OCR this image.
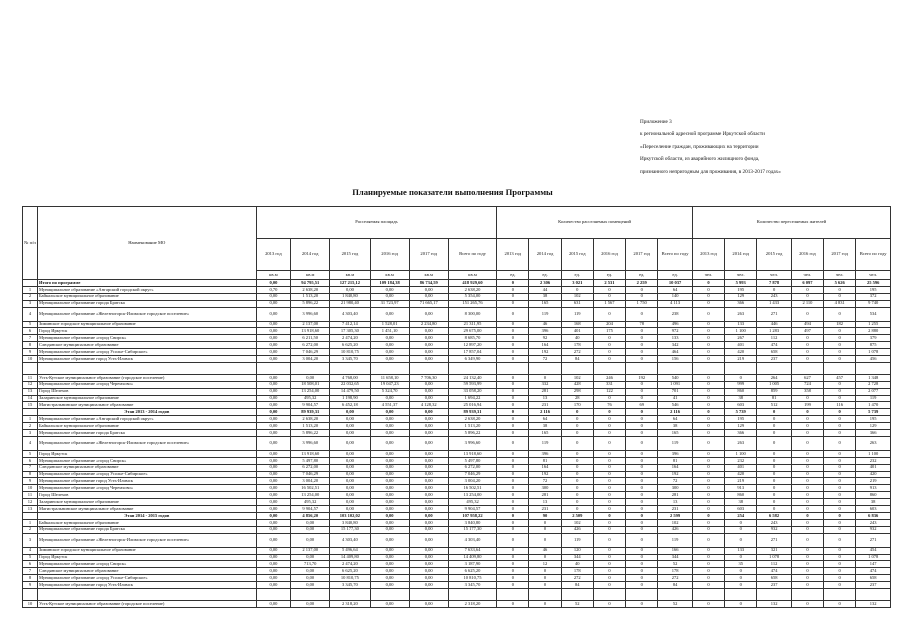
Приложение 3
к региональной адресной программе Иркутской области
«Переселение граждан, проживающих на территории
Иркутской области, из аварийного жилищного фонда,
признанного непригодным для проживания, в 2013-2017 годах»
Планируемые показатели выполнения Программы
№ п/п	Наименование МО	Расселяемая площадь						Количество расселяемых помещений						Количество переселяемых жителей					
		2013 год	2014 год	2015 год	2016 год	2017 год	Всего по году	2013 год	2014 год	2015 год	2016 год	2017 год	Всего по году	2013 год	2014 год	2015 год	2016 год	2017 год	Всего по году
		кв.м	кв.м	кв.м	кв.м	кв.м	кв.м	ед.	ед.	ед.	ед.	ед.	ед.	чел.	чел.	чел.	чел.	чел.	чел.
	Итого по программе	0,00	94 795,51	127 215,12	109 184,38	86 734,59	418 929,60	0	2 306	3 021	2 531	2 259	10 037	0	5 993	7 878	6 097	5 626	25 596
1	Муниципальное образование «Ангарский городской округ»	0,70	2 638,20	0,00	0,00	0,00	2 638,20	0	44	0	0	0	64	0	195	0	0	0	195
2	Байкальское муниципальное образование	0,00	1 513,20	1 840,80	0,00	0,00	5 354,00	0	38	102	0	0	140	0	129	243	0	0	372
3	Муниципальное образование города Братска	0,00	5 896,22	21 980,40	31 723,97	71 665,17	151 265,76	0	165	631	1 567	1 750	4 113	0	366	1 433	2 110	4 831	9 740
4	Муниципальное образование «Железногорск-Илимское городское поселение»	0,00	3 996,60	4 303,40	0,00	0,00	8 300,00	0	119	119	0	0	238	0	263	271	0	0	534
5	Зиминское городское муниципальное образование	0,00	2 137,00	7 412,14	1 528,01	2 234,80	21 311,95	0	46	168	204	78	496	0	133	446	494	182	1 255
6	Город Иркутск	0,00	13 918,60	17 305,30	1 451,10	0,00	29 675,00	0	396	401	175	0	972	0	1 100	1 283	497	0	2 880
7	Муниципальное образование «город Свирск»	0,00	6 211,50	2 474,20	0,00	0,00	8 685,70	0	92	40	0	0	133	0	267	112	0	0	379
8	Слюдянское муниципальное образование	0,00	6 272,00	6 625,20	0,00	0,00	12 897,20	0	164	178	0	0	342	0	401	474	0	0	875
9	Муниципальное образование «город Усолье-Сибирское»	0,00	7 046,29	10 810,75	0,00	0,00	17 857,04	0	192	272	0	0	464	0	420	658	0	0	1 078
10	Муниципальное образование город Усть-Илимск	0,00	3 004,20	3 345,70	0,00	0,00	6 349,90	0	72	84	0	0	156	0	219	237	0	0	456

11	Усть-Кутское муниципальное образование (городское поселение)	0,00	0,00	4 768,00	11 658,10	7 706,30	24 132,40	0	0	102	246	192	540	0	0	264	627	457	1 348
12	Муниципальное образование «город Черемхово»	0,00	18 508,01	22 032,65	19 047,23	0,00	59 593,99	0	332	428	331	0	1 091	0	999	1 005	724	0	2 728
13	Город Шелехов	0,00	13 254,00	14 479,50	5 324,70	0,00	33 058,20	0	281	298	122	0	701	0	860	859	358	0	2 077
14	Заларинское муниципальное образование	0,00	495,32	1 198,90	0,00	0,00	1 694,22	0	13	28	0	0	41	0	38	81	0	0	119
15	Магистральнинское муниципальное образование	0,00	9 904,57	6 452,18	4 551,37	4 128,32	25 016,94	0	231	170	76	69	546	0	603	512	199	116	1 470
	Этап 2013 - 2014 годов	0,00	89 939,31	0,00	0,00	0,00	89 939,31	0	2 116	0	0	0	2 116	0	5 739	0	0	0	5 739
1	Муниципальное образование «Ангарский городской округ»	0,00	2 638,20	0,00	0,00	0,00	2 638,20	0	64	0	0	0	64	0	195	0	0	0	195
2	Байкальское муниципальное образование	0,00	1 513,20	0,00	0,00	0,00	1 513,20	0	38	0	0	0	38	0	129	0	0	0	129
3	Муниципальное образование города Братска	0,00	5 896,22	0,00	0,00	0,00	5 896,22	0	165	0	0	0	165	0	366	0	0	0	366
4	Муниципальное образование «Железногорск-Илимское городское поселение»	0,00	3 996,60	0,00	0,00	0,00	3 996,60	0	119	0	0	0	119	0	263	0	0	0	263
5	Город Иркутск	0,00	13 918,60	0,00	0,00	0,00	13 918,60	0	396	0	0	0	396	0	1 100	0	0	0	1 100
6	Муниципальное образование «город Свирск»	0,00	5 497,80	0,00	0,00	0,00	5 497,80	0	81	0	0	0	81	0	232	0	0	0	232
7	Слюдянское муниципальное образование	0,00	6 272,00	0,00	0,00	0,00	6 272,00	0	164	0	0	0	164	0	401	0	0	0	401
8	Муниципальное образование «город Усолье-Сибирское»	0,00	7 046,29	0,00	0,00	0,00	7 046,29	0	192	0	0	0	192	0	420	0	0	0	420
9	Муниципальное образование город Усть-Илимск	0,00	3 004,20	0,00	0,00	0,00	3 004,20	0	72	0	0	0	72	0	219	0	0	0	219
10	Муниципальное образование «город Черемхово»	0,00	16 502,51	0,00	0,00	0,00	16 502,51	0	300	0	0	0	300	0	913	0	0	0	913
11	Город Шелехов	0,00	13 254,00	0,00	0,00	0,00	13 254,00	0	281	0	0	0	281	0	860	0	0	0	860
12	Заларинское муниципальное образование	0,00	495,32	0,00	0,00	0,00	495,32	0	13	0	0	0	13	0	38	0	0	0	38
13	Магистральнинское муниципальное образование	0,00	9 904,57	0,00	0,00	0,00	9 904,57	0	231	0	0	0	231	0	603	0	0	0	603
	Этап 2014 - 2015 годов	0,00	4 856,20	103 102,02	0,00	0,00	107 958,22	0	90	2 509	0	0	2 599	0	254	6 582	0	0	6 836
1	Байкальское муниципальное образование	0,00	0,00	3 840,80	0,00	0,00	3 840,80	0	0	102	0	0	102	0	0	243	0	0	243
2	Муниципальное образование города Братска	0,00	0,00	15 177,30	0,00	0,00	15 177,30	0	0	426	0	0	426	0	0	932	0	0	932
3	Муниципальное образование «Железногорск-Илимское городское поселение»	0,00	0,00	4 303,40	0,00	0,00	4 303,40	0	0	119	0	0	119	0	0	271	0	0	271
4	Зиминское городское муниципальное образование	0,00	2 137,00	5 496,64	0,00	0,00	7 633,64	0	46	120	0	0	166	0	133	321	0	0	454
5	Город Иркутск	0,00	0,00	14 409,80	0,00	0,00	14 409,80	0	0	344	0	0	344	0	0	1 078	0	0	1 078
6	Муниципальное образование «город Свирск»	0,00	713,70	2 474,20	0,00	0,00	3 187,90	0	12	40	0	0	52	0	35	112	0	0	147
7	Слюдянское муниципальное образование	0,00	0,00	6 625,20	0,00	0,00	6 625,20	0	0	178	0	0	178	0	0	474	0	0	474
8	Муниципальное образование «город Усолье-Сибирское»	0,00	0,00	10 810,75	0,00	0,00	10 810,75	0	0	272	0	0	272	0	0	658	0	0	658
9	Муниципальное образование город Усть-Илимск	0,00	0,00	3 345,70	0,00	0,00	3 345,70	0	0	84	0	0	84	0	0	237	0	0	237

10	Усть-Кутское муниципальное образование (городское поселение)	0,00	0,00	2 318,20	0,00	0,00	2 318,20	0	0	52	0	0	52	0	0	132	0	0	132
